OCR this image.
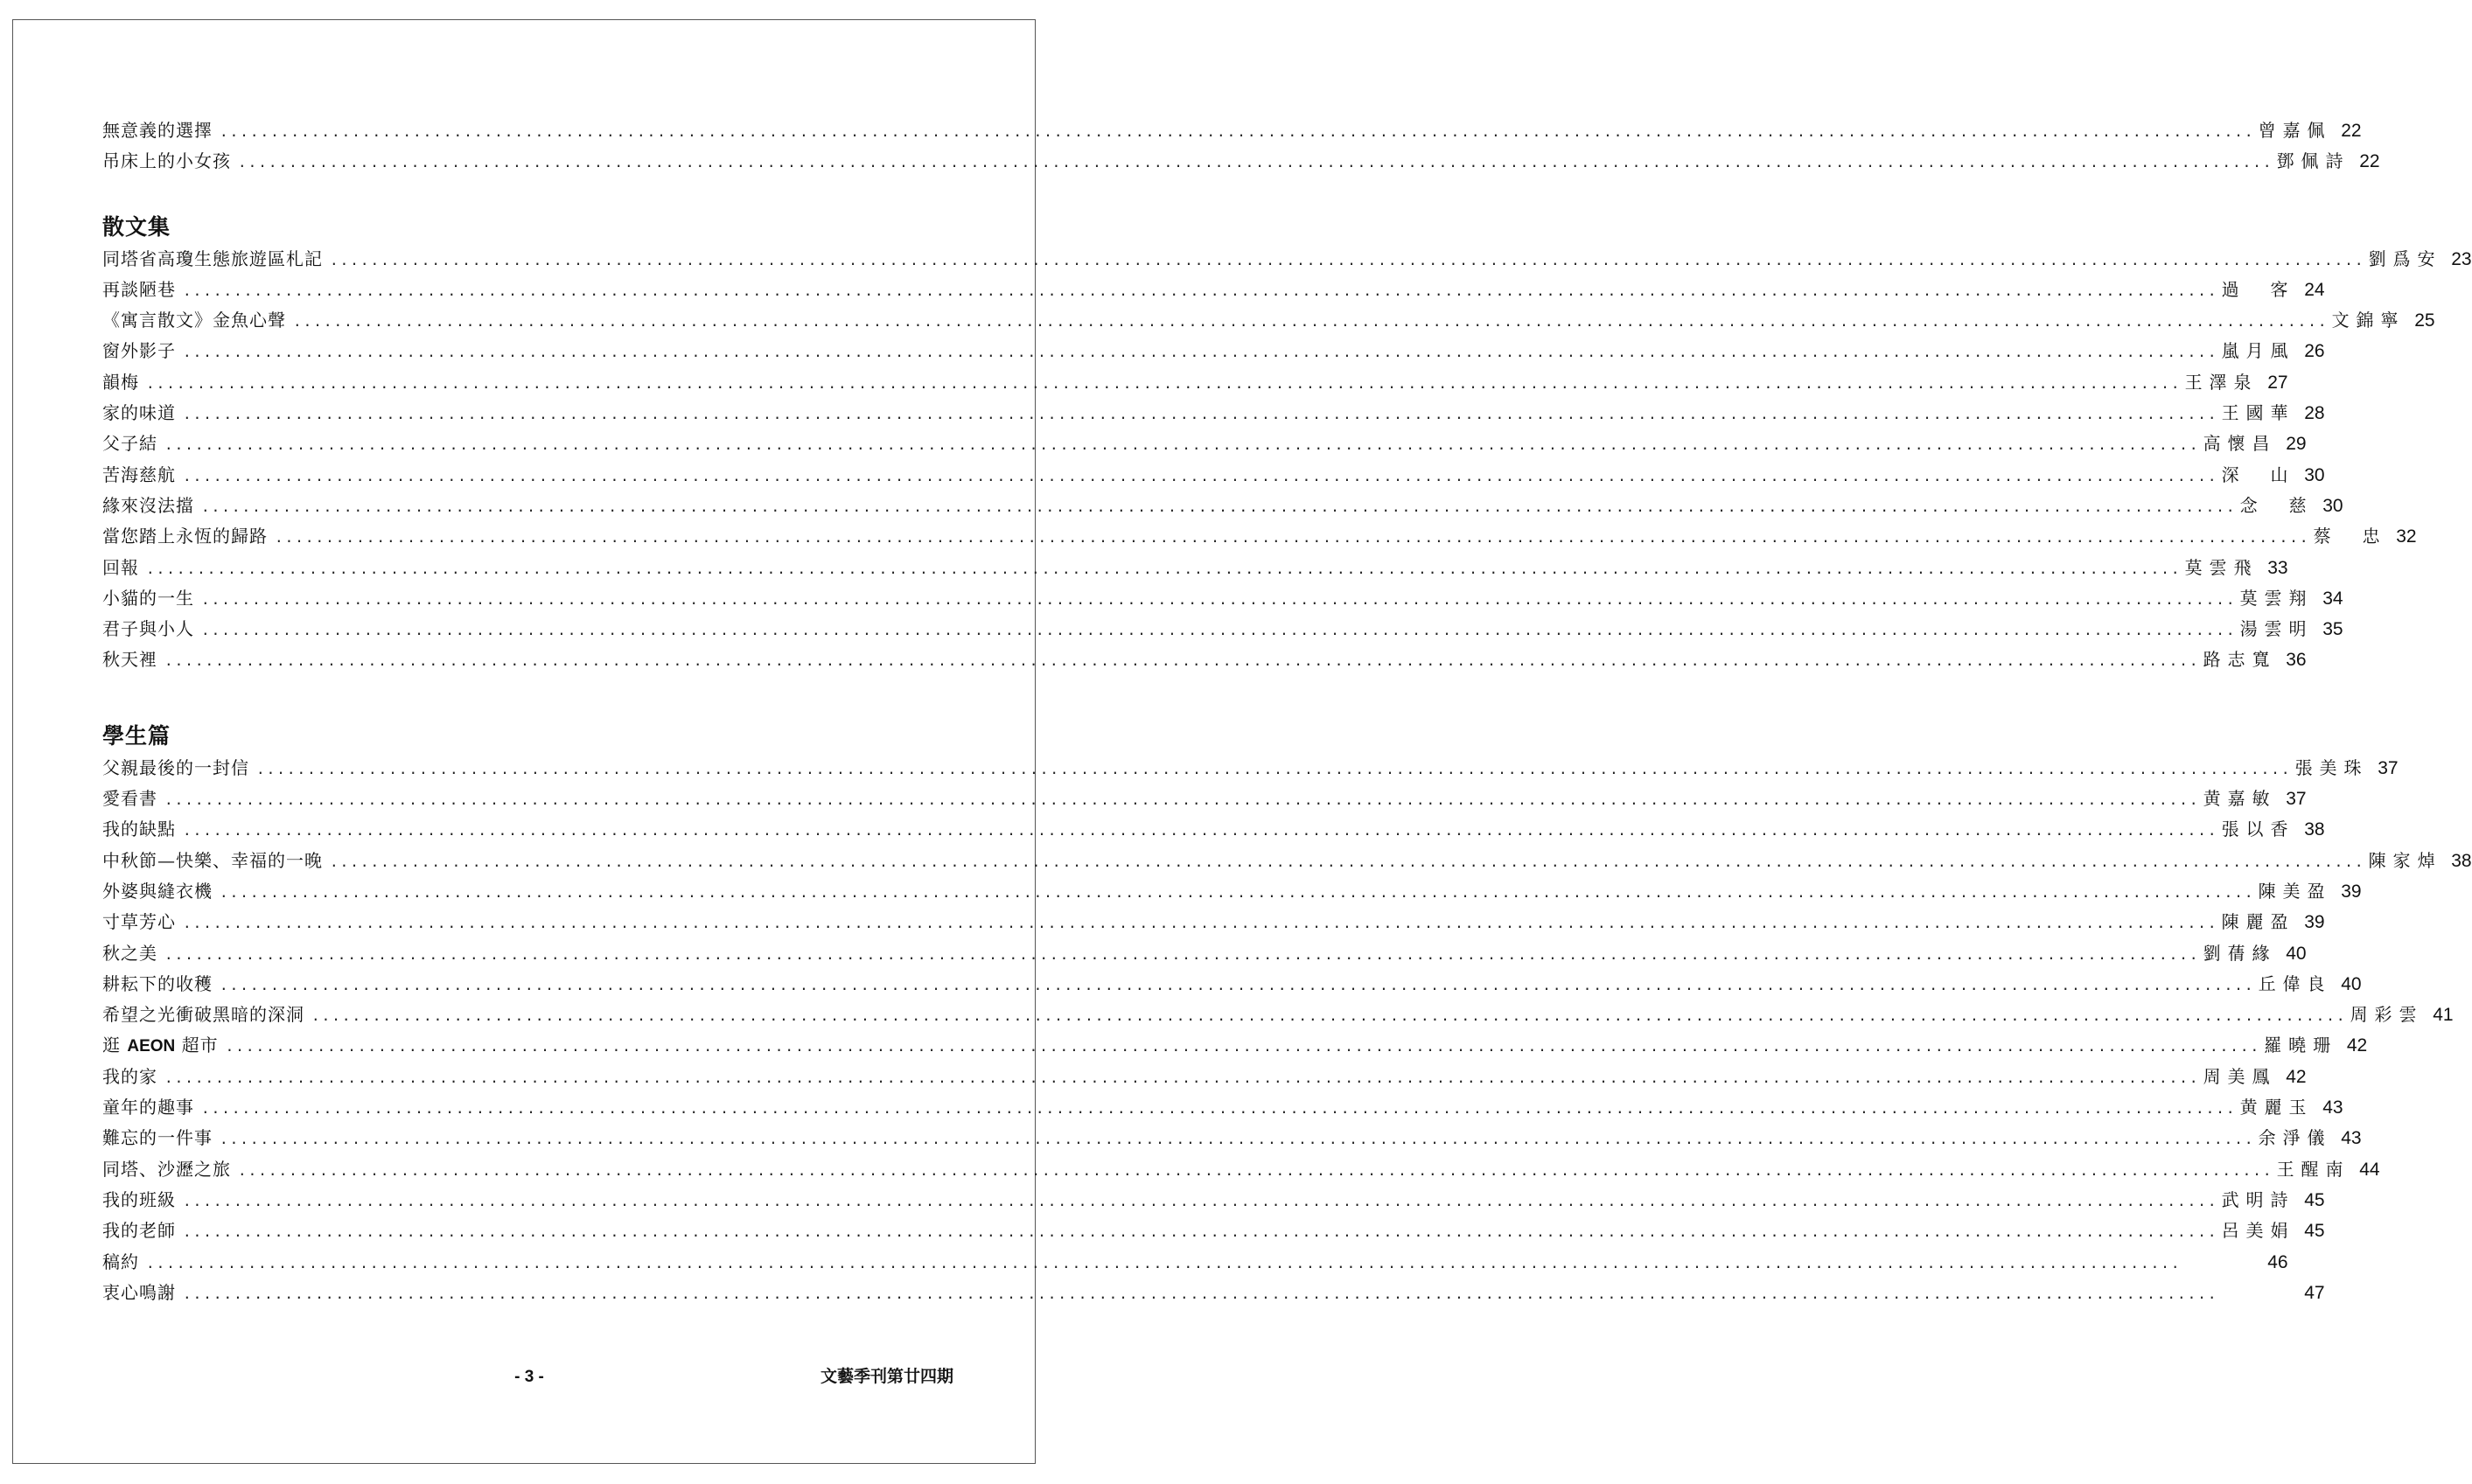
無意義的選擇 ........................................................................................................................................................................................................ 曾嘉佩 22
吊床上的小女孩 ........................................................................................................................................................................................................ 鄧佩詩 22
散文集
同塔省高瓊生態旅遊區札記 ........................................................................................................................................................................................................ 劉爲安 23
再談陋巷 ........................................................................................................................................................................................................ 過　客 24
《寓言散文》金魚心聲 ........................................................................................................................................................................................................ 文錦寧 25
窗外影子 ........................................................................................................................................................................................................ 嵐月風 26
韻梅 ........................................................................................................................................................................................................ 王澤泉 27
家的味道 ........................................................................................................................................................................................................ 王國華 28
父子結 ........................................................................................................................................................................................................ 高懷昌 29
苦海慈航 ........................................................................................................................................................................................................ 深　山 30
緣來沒法擋 ........................................................................................................................................................................................................ 念　慈 30
當您踏上永恆的歸路 ........................................................................................................................................................................................................ 蔡　忠 32
回報 ........................................................................................................................................................................................................ 莫雲飛 33
小貓的一生 ........................................................................................................................................................................................................ 莫雲翔 34
君子與小人 ........................................................................................................................................................................................................ 湯雲明 35
秋天裡 ........................................................................................................................................................................................................ 路志寬 36
學生篇
父親最後的一封信 ........................................................................................................................................................................................................ 張美珠 37
愛看書 ........................................................................................................................................................................................................ 黄嘉敏 37
我的缺點 ........................................................................................................................................................................................................ 張以香 38
中秋節—快樂、幸福的一晚 ........................................................................................................................................................................................................ 陳家焯 38
外婆與縫衣機 ........................................................................................................................................................................................................ 陳美盈 39
寸草芳心 ........................................................................................................................................................................................................ 陳麗盈 39
秋之美 ........................................................................................................................................................................................................ 劉蒨緣 40
耕耘下的收穫 ........................................................................................................................................................................................................ 丘偉良 40
希望之光衝破黑暗的深洞 ........................................................................................................................................................................................................ 周彩雲 41
逛 AEON 超市 ........................................................................................................................................................................................................ 羅曉珊 42
我的家 ........................................................................................................................................................................................................ 周美鳳 42
童年的趣事 ........................................................................................................................................................................................................ 黄麗玉 43
難忘的一件事 ........................................................................................................................................................................................................ 余淨儀 43
同塔、沙瀝之旅 ........................................................................................................................................................................................................ 王醒南 44
我的班級 ........................................................................................................................................................................................................ 武明詩 45
我的老師 ........................................................................................................................................................................................................ 呂美娟 45
稿約 ........................................................................................................................................................................................................	46
衷心鳴謝 ........................................................................................................................................................................................................	47
- 3 -	文藝季刊第廿四期
